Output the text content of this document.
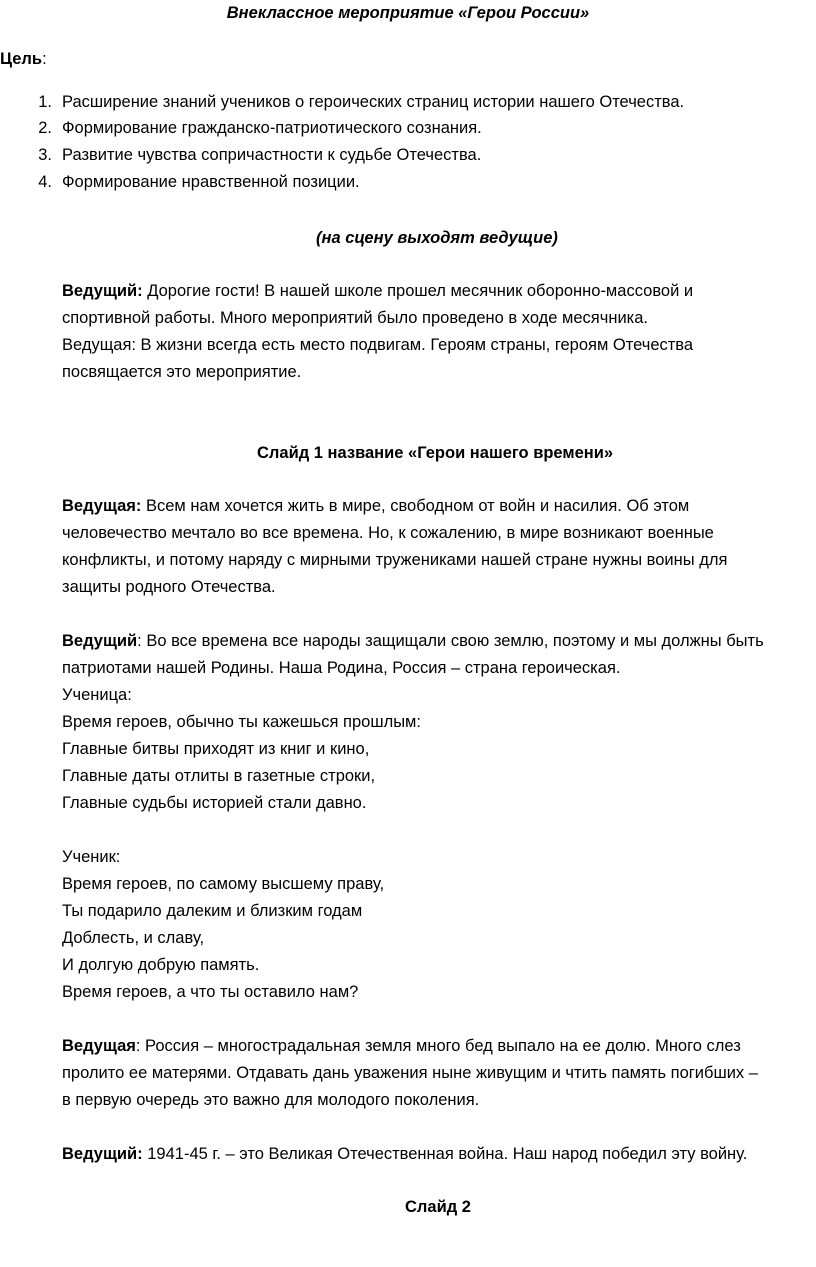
Внеклассное мероприятие «Герои России»
Цель:
1. Расширение знаний учеников о героических страниц истории нашего Отечества.
2. Формирование гражданско-патриотического сознания.
3. Развитие чувства сопричастности к судьбе Отечества.
4. Формирование нравственной позиции.
(на сцену выходят ведущие)
Ведущий: Дорогие гости! В нашей школе прошел месячник оборонно-массовой и
спортивной работы. Много мероприятий было проведено в ходе месячника.
Ведущая: В жизни всегда есть место подвигам. Героям страны, героям Отечества
посвящается это мероприятие.
Слайд 1 название «Герои нашего времени»
Ведущая: Всем нам хочется жить в мире, свободном от войн и насилия. Об этом
человечество мечтало во все времена. Но, к сожалению, в мире возникают военные
конфликты, и потому наряду с мирными тружениками нашей стране нужны воины для
защиты родного Отечества.
Ведущий: Во все времена все народы защищали свою землю, поэтому и мы должны быть
патриотами нашей Родины. Наша Родина, Россия – страна героическая.
Ученица:
Время героев, обычно ты кажешься прошлым:
Главные битвы приходят из книг и кино,
Главные даты отлиты в газетные строки,
Главные судьбы историей стали давно.
Ученик:
Время героев, по самому высшему праву,
Ты подарило далеким и близким годам
Доблесть, и славу,
И долгую добрую память.
Время героев, а что ты оставило нам?
Ведущая: Россия – многострадальная земля много бед выпало на ее долю. Много слез
пролито ее матерями. Отдавать дань уважения ныне живущим и чтить память погибших –
в первую очередь это важно для молодого поколения.
Ведущий: 1941-45 г. – это Великая Отечественная война. Наш народ победил эту войну.
Слайд 2
